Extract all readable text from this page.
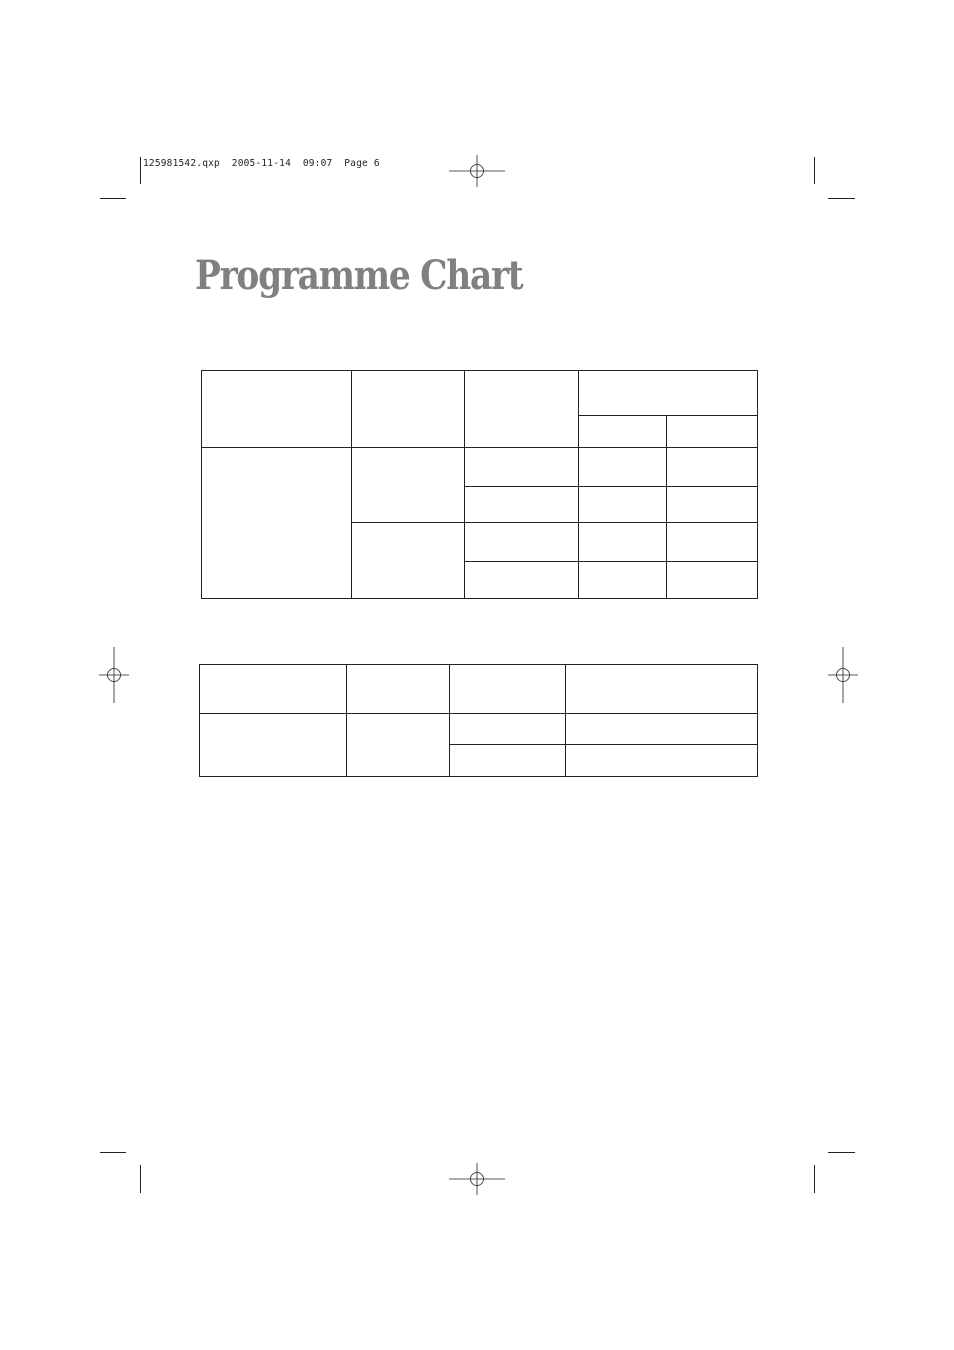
125981542.qxp  2005-11-14  09:07  Page 6
Programme Chart
